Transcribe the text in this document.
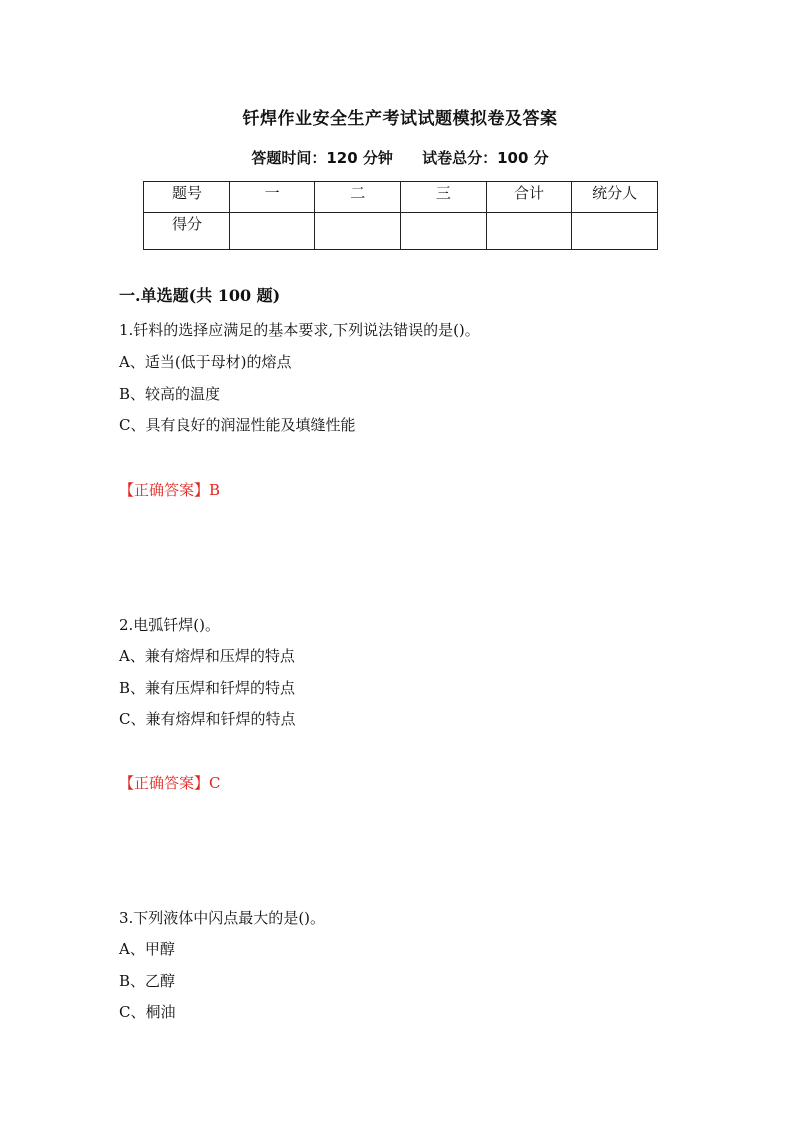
钎焊作业安全生产考试试题模拟卷及答案
答题时间：120 分钟 试卷总分：100 分
题号	一	二	三	合计	统分人
得分					
一.单选题(共 100 题)
1.钎料的选择应满足的基本要求,下列说法错误的是()。
A、适当(低于母材)的熔点
B、较高的温度
C、具有良好的润湿性能及填缝性能
【正确答案】B
2.电弧钎焊()。
A、兼有熔焊和压焊的特点
B、兼有压焊和钎焊的特点
C、兼有熔焊和钎焊的特点
【正确答案】C
3.下列液体中闪点最大的是()。
A、甲醇
B、乙醇
C、桐油
